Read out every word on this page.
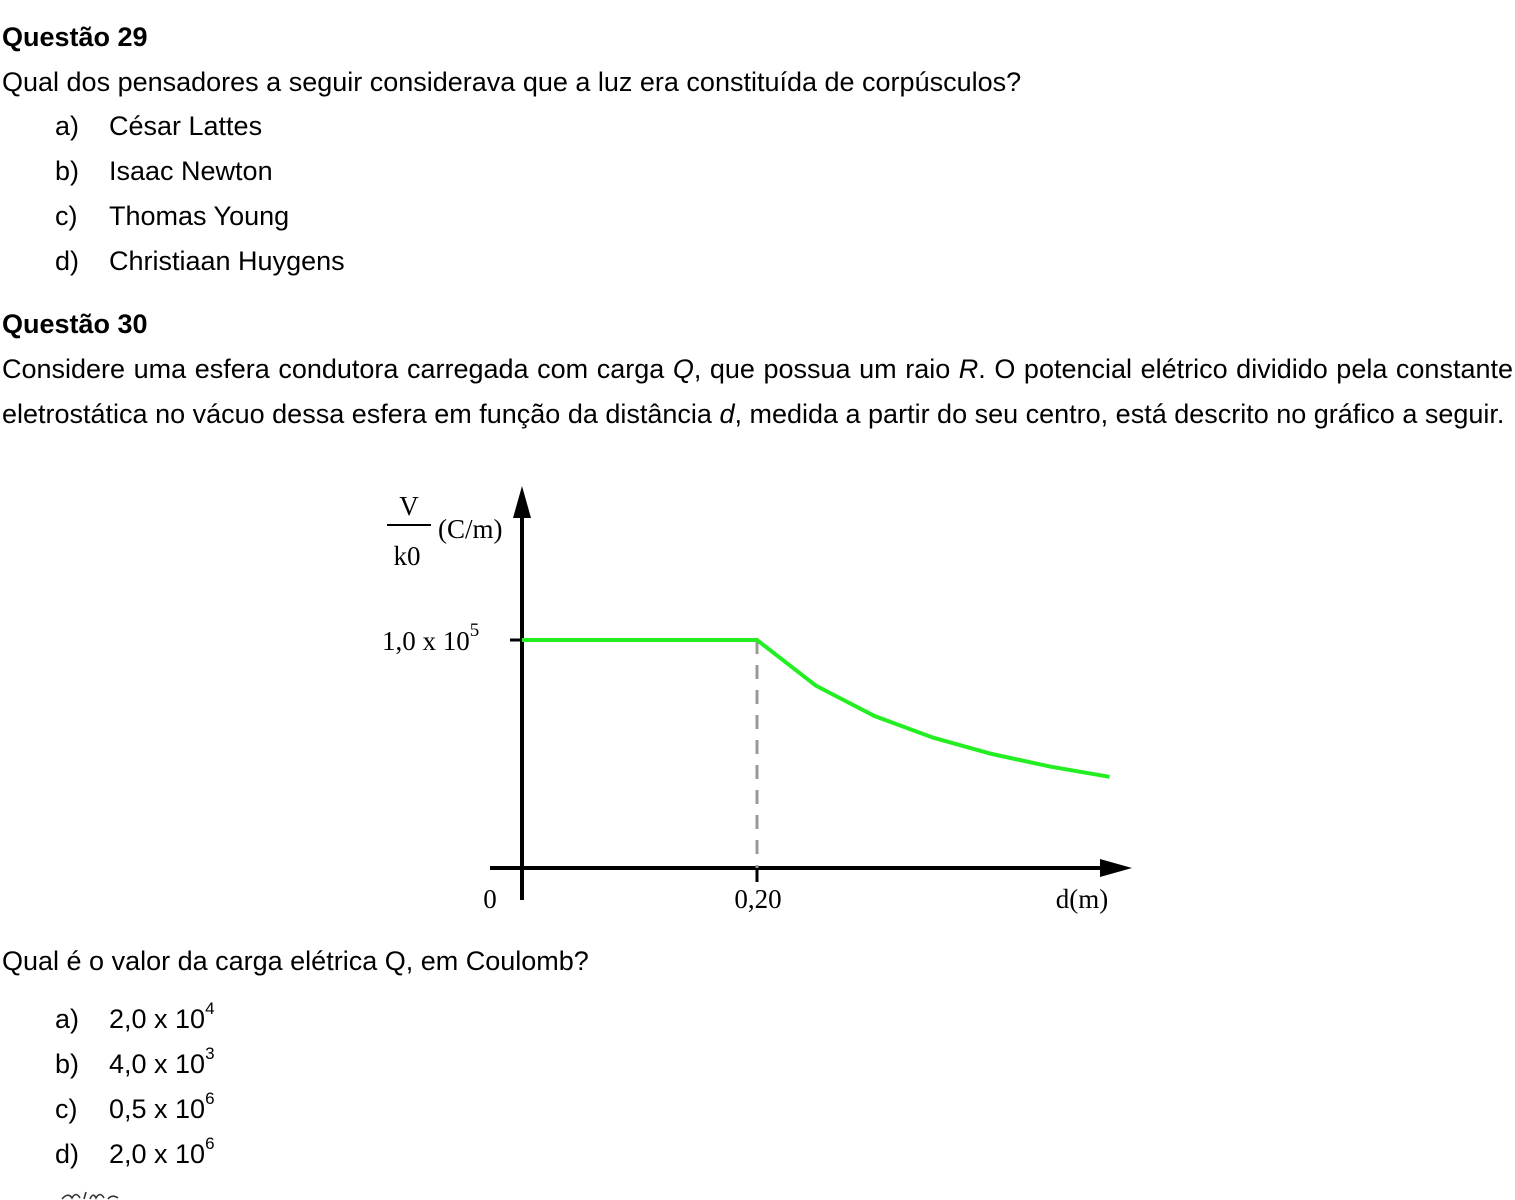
Questão 29

Qual dos pensadores a seguir considerava que a luz era constituída de corpúsculos?

a) César Lattes
b) Isaac Newton
c) Thomas Young
d) Christiaan Huygens
Questão 30

Considere uma esfera condutora carregada com carga Q, que possua um raio R. O potencial elétrico dividido pela constante eletrostática no vácuo dessa esfera em função da distância d, medida a partir do seu centro, está descrito no gráfico a seguir.

V
k0
(C/m)
1,0 x $10^5$
0	0,20	d(m)

Qual é o valor da carga elétrica Q, em Coulomb?

a) 2,0 x $10^4$
b) 4,0 x $10^3$
c) 0,5 x $10^6$
d) 2,0 x $10^6$
